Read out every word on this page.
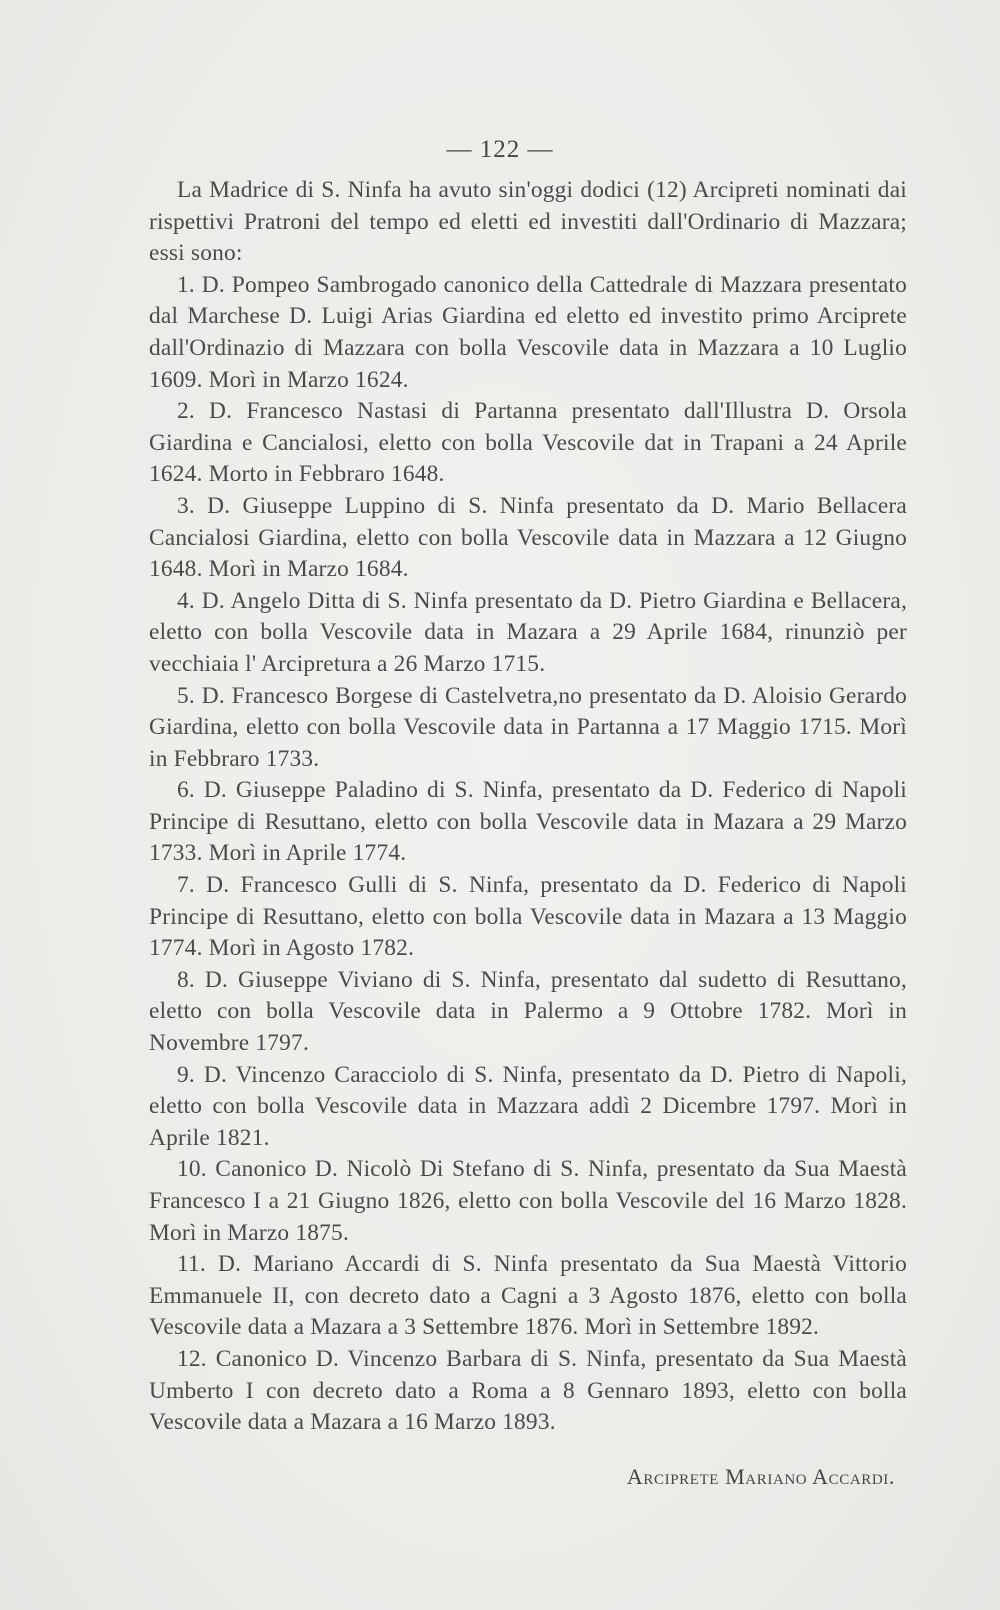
— 122 —

La Madrice di S. Ninfa ha avuto sin'oggi dodici (12) Arcipreti nominati dai rispettivi Pratroni del tempo ed eletti ed investiti dall'Ordinario di Mazzara; essi sono:

1. D. Pompeo Sambrogado canonico della Cattedrale di Mazzara presentato dal Marchese D. Luigi Arias Giardina ed eletto ed investito primo Arciprete dall'Ordinazio di Mazzara con bolla Vescovile data in Mazzara a 10 Luglio 1609. Morì in Marzo 1624.

2. D. Francesco Nastasi di Partanna presentato dall'Illustra D. Orsola Giardina e Cancialosi, eletto con bolla Vescovile dat in Trapani a 24 Aprile 1624. Morto in Febbraro 1648.

3. D. Giuseppe Luppino di S. Ninfa presentato da D. Mario Bellacera Cancialosi Giardina, eletto con bolla Vescovile data in Mazzara a 12 Giugno 1648. Morì in Marzo 1684.

4. D. Angelo Ditta di S. Ninfa presentato da D. Pietro Giardina e Bellacera, eletto con bolla Vescovile data in Mazara a 29 Aprile 1684, rinunziò per vecchiaia l' Arcipretura a 26 Marzo 1715.

5. D. Francesco Borgese di Castelvetra,no presentato da D. Aloisio Gerardo Giardina, eletto con bolla Vescovile data in Partanna a 17 Maggio 1715. Morì in Febbraro 1733.

6. D. Giuseppe Paladino di S. Ninfa, presentato da D. Federico di Napoli Principe di Resuttano, eletto con bolla Vescovile data in Mazara a 29 Marzo 1733. Morì in Aprile 1774.

7. D. Francesco Gulli di S. Ninfa, presentato da D. Federico di Napoli Principe di Resuttano, eletto con bolla Vescovile data in Mazara a 13 Maggio 1774. Morì in Agosto 1782.

8. D. Giuseppe Viviano di S. Ninfa, presentato dal sudetto di Resuttano, eletto con bolla Vescovile data in Palermo a 9 Ottobre 1782. Morì in Novembre 1797.

9. D. Vincenzo Caracciolo di S. Ninfa, presentato da D. Pietro di Napoli, eletto con bolla Vescovile data in Mazzara addì 2 Dicembre 1797. Morì in Aprile 1821.

10. Canonico D. Nicolò Di Stefano di S. Ninfa, presentato da Sua Maestà Francesco I a 21 Giugno 1826, eletto con bolla Vescovile del 16 Marzo 1828. Morì in Marzo 1875.

11. D. Mariano Accardi di S. Ninfa presentato da Sua Maestà Vittorio Emmanuele II, con decreto dato a Cagni a 3 Agosto 1876, eletto con bolla Vescovile data a Mazara a 3 Settembre 1876. Morì in Settembre 1892.

12. Canonico D. Vincenzo Barbara di S. Ninfa, presentato da Sua Maestà Umberto I con decreto dato a Roma a 8 Gennaro 1893, eletto con bolla Vescovile data a Mazara a 16 Marzo 1893.

Arciprete Mariano Accardi.
